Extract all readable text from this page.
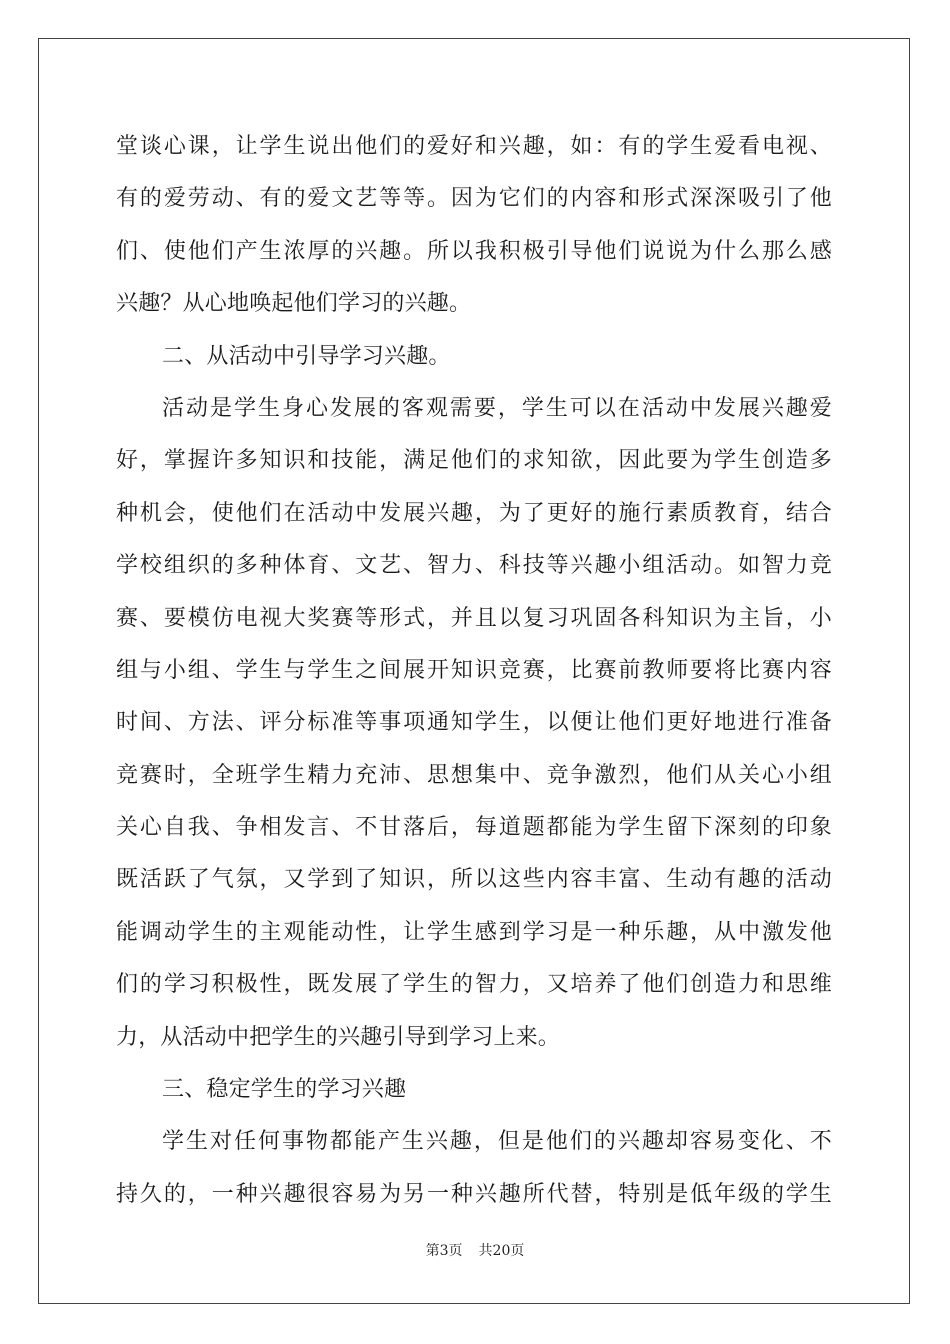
堂谈心课，让学生说出他们的爱好和兴趣，如：有的学生爱看电视、
有的爱劳动、有的爱文艺等等。因为它们的内容和形式深深吸引了他
们、使他们产生浓厚的兴趣。所以我积极引导他们说说为什么那么感
兴趣？从心地唤起他们学习的兴趣。
二、从活动中引导学习兴趣。
活动是学生身心发展的客观需要，学生可以在活动中发展兴趣爱
好，掌握许多知识和技能，满足他们的求知欲，因此要为学生创造多
种机会，使他们在活动中发展兴趣，为了更好的施行素质教育，结合
学校组织的多种体育、文艺、智力、科技等兴趣小组活动。如智力竞
赛、要模仿电视大奖赛等形式，并且以复习巩固各科知识为主旨，小
组与小组、学生与学生之间展开知识竞赛，比赛前教师要将比赛内容
时间、方法、评分标准等事项通知学生，以便让他们更好地进行准备
竞赛时，全班学生精力充沛、思想集中、竞争激烈，他们从关心小组
关心自我、争相发言、不甘落后，每道题都能为学生留下深刻的印象
既活跃了气氛，又学到了知识，所以这些内容丰富、生动有趣的活动
能调动学生的主观能动性，让学生感到学习是一种乐趣，从中激发他
们的学习积极性，既发展了学生的智力，又培养了他们创造力和思维
力，从活动中把学生的兴趣引导到学习上来。
三、稳定学生的学习兴趣
学生对任何事物都能产生兴趣，但是他们的兴趣却容易变化、不
持久的，一种兴趣很容易为另一种兴趣所代替，特别是低年级的学生
第3页 共20页
